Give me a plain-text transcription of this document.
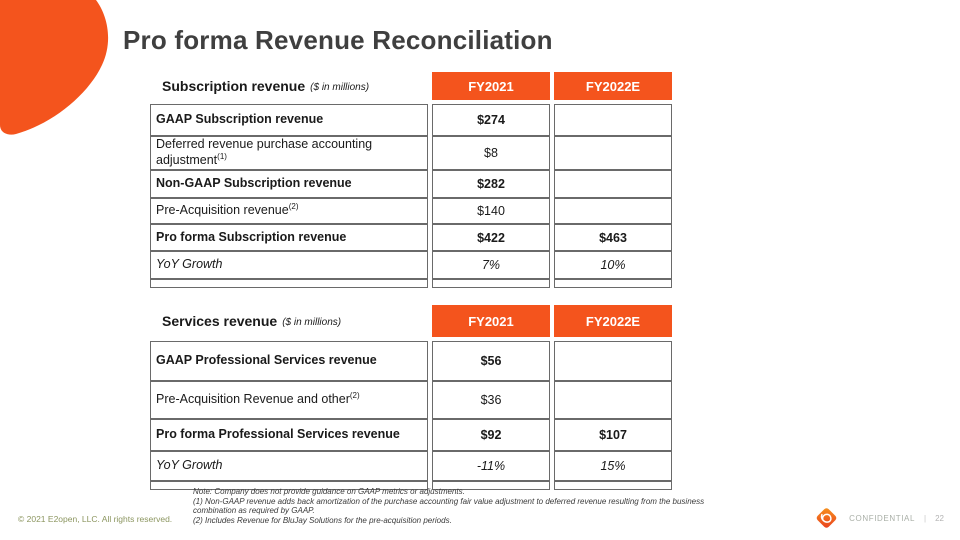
Pro forma Revenue Reconciliation
Subscription revenue ($ in millions)	FY2021	FY2022E
GAAP Subscription revenue	$274
Deferred revenue purchase accounting adjustment$^{(1)}$	$8
Non-GAAP Subscription revenue	$282
Pre-Acquisition revenue$^{(2)}$	$140
Pro forma Subscription revenue	$422	$463
YoY Growth	7%	10%
Services revenue ($ in millions)	FY2021	FY2022E
GAAP Professional Services revenue	$56
Pre-Acquisition Revenue and other$^{(2)}$	$36
Pro forma Professional Services revenue	$92	$107
YoY Growth	-11%	15%
Note: Company does not provide guidance on GAAP metrics or adjustments.
(1) Non-GAAP revenue adds back amortization of the purchase accounting fair value adjustment to deferred revenue resulting from the business combination as required by GAAP.
(2) Includes Revenue for BluJay Solutions for the pre-acquisition periods.
© 2021 E2open, LLC. All rights reserved.	CONFIDENTIAL | 22
